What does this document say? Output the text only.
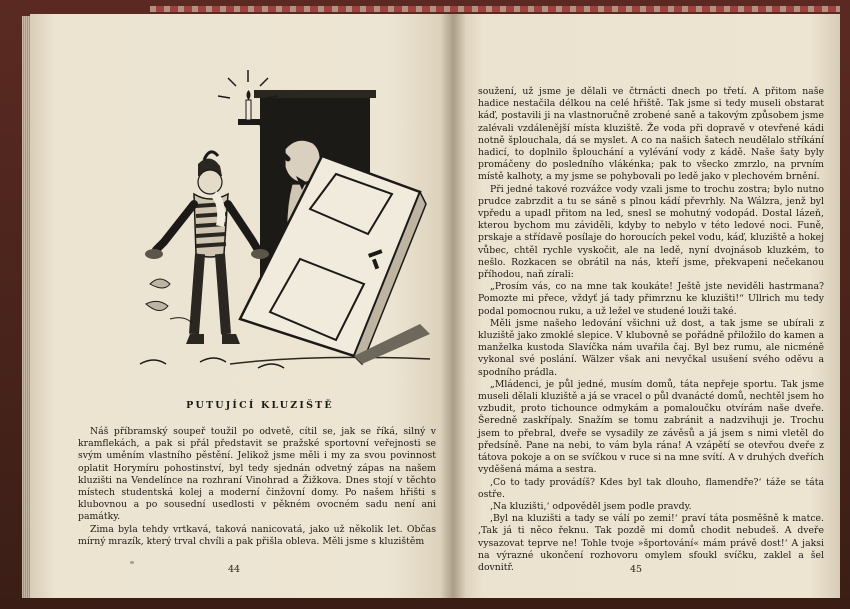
PUTUJÍCÍ KLUZIŠTĚ

Náš příbramský soupeř toužil po odvetě, cítil se, jak se říká, silný v kramflekách, a pak si přál představit se pražské sportovní veřejnosti se svým uměním vlastního pěstění. Jelikož jsme měli i my za svou povinnost oplatit Horymíru pohostinství, byl tedy sjednán odvetný zápas na našem kluzišti na Vendelínce na rozhraní Vinohrad a Žižkova. Dnes stojí v těchto místech studentská kolej a moderní činžovní domy. Po našem hřišti s klubovnou a po sousední usedlosti v pěkném ovocném sadu není ani památky.

Zima byla tehdy vrtkavá, taková nanicovatá, jako už několik let. Občas mírný mrazík, který trval chvíli a pak přišla obleva. Měli jsme s kluzištěm

44

soužení, už jsme je dělali ve čtrnácti dnech po třetí. A přitom naše hadice nestačila délkou na celé hřiště. Tak jsme si tedy museli obstarat káď, postavili ji na vlastnoručně zrobené saně a takovým způsobem jsme zalévali vzdálenější místa kluziště. Že voda při dopravě v otevřené kádi notně šplouchala, dá se myslet. A co na našich šatech neudělalo stříkání hadicí, to doplnilo šplouchání a vylévání vody z kádě. Naše šaty byly promáčeny do posledního vlákénka; pak to všecko zmrzlo, na prvním místě kalhoty, a my jsme se pohybovali po ledě jako v plechovém brnění.

Při jedné takové rozvážce vody vzali jsme to trochu zostra; bylo nutno prudce zabrzdit a tu se sáně s plnou kádí převrhly. Na Wálzra, jenž byl vpředu a upadl přitom na led, snesl se mohutný vodopád. Dostal lázeň, kterou bychom mu záviděli, kdyby to nebylo v této ledové noci. Funě, prskaje a střídavě posílaje do horoucích pekel vodu, káď, kluziště a hokej vůbec, chtěl rychle vyskočit, ale na ledě, nyní dvojnásob kluzkém, to nešlo. Rozkacen se obrátil na nás, kteří jsme, překvapeni nečekanou příhodou, naň zírali:

„Prosím vás, co na mne tak koukáte! Ještě jste neviděli hastrmana? Pomozte mi přece, vždyť já tady přimrznu ke kluzišti!“ Ullrich mu tedy podal pomocnou ruku, a už ležel ve studené louži také.

Měli jsme našeho ledování všichni už dost, a tak jsme se ubírali z kluziště jako zmoklé slepice. V klubovně se pořádně přiložilo do kamen a manželka kustoda Slavíčka nám uvařila čaj. Byl bez rumu, ale nicméně vykonal své poslání. Wälzer však ani nevyčkal usušení svého oděvu a spodního prádla.

„Mládenci, je půl jedné, musím domů, táta nepřeje sportu. Tak jsme museli dělali kluziště a já se vracel o půl dvanácté domů, nechtěl jsem ho vzbudit, proto tichounce odmykám a pomaloučku otvírám naše dveře. Šeredně zaskřípaly. Snažím se tomu zabránit a nadzvihuji je. Trochu jsem to přebral, dveře se vysadily ze závěsů a já jsem s nimi vletěl do předsíně. Pane na nebi, to vám byla rána! A vzápětí se otevřou dveře z tátova pokoje a on se svíčkou v ruce si na mne svítí. A v druhých dveřích vyděšená máma a sestra.

‚Co to tady provádíš? Kdes byl tak dlouho, flamendře?‘ táže se táta ostře.

‚Na kluzišti,‘ odpověděl jsem podle pravdy.

‚Byl na kluzišti a tady se válí po zemi!‘ praví táta posměšně k matce. ‚Tak já ti něco řeknu. Tak pozdě mi domů chodit nebudeš. A dveře vysazovat teprve ne! Tohle tvoje »športování« mám právě dost!‘ A jaksi na výrazné ukončení rozhovoru omylem sfoukl svíčku, zaklel a šel dovnitř.	45
